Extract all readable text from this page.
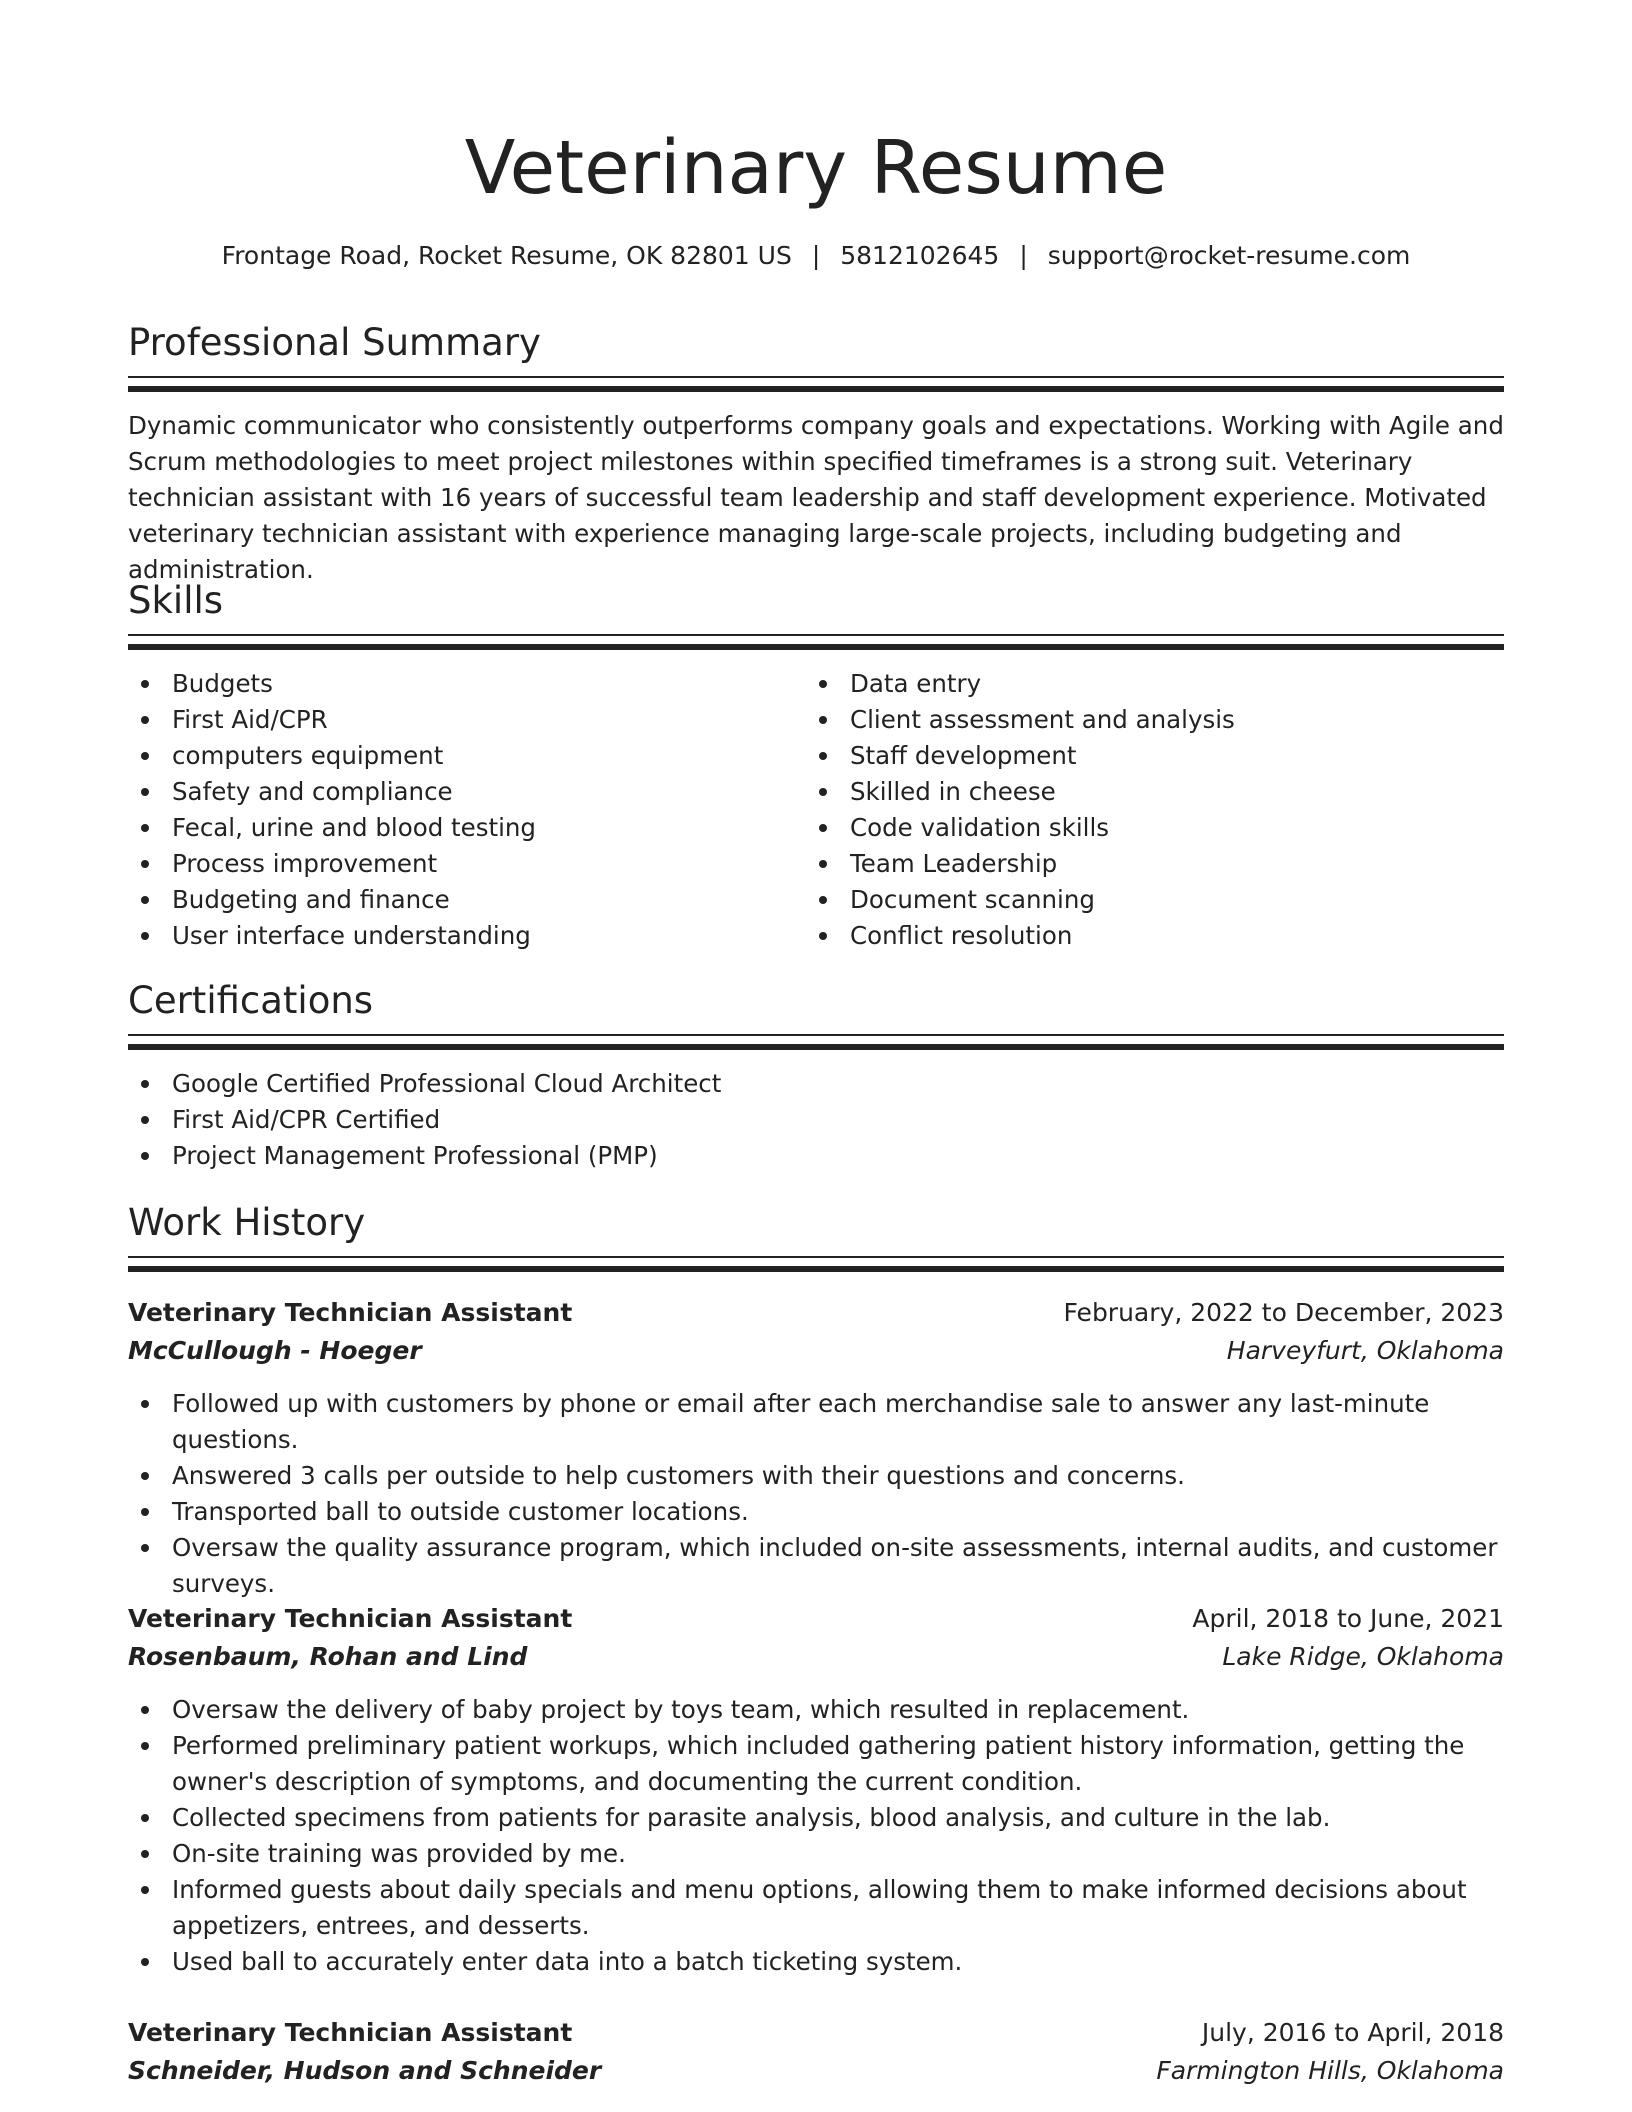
Veterinary Resume
Frontage Road, Rocket Resume, OK 82801 US | 5812102645 | support@rocket-resume.com
Professional Summary

Dynamic communicator who consistently outperforms company goals and expectations. Working with Agile and Scrum methodologies to meet project milestones within specified timeframes is a strong suit. Veterinary technician assistant with 16 years of successful team leadership and staff development experience. Motivated veterinary technician assistant with experience managing large-scale projects, including budgeting and administration.

Skills
Budgets
First Aid/CPR
computers equipment
Safety and compliance
Fecal, urine and blood testing
Process improvement
Budgeting and finance
User interface understanding
Data entry
Client assessment and analysis
Staff development
Skilled in cheese
Code validation skills
Team Leadership
Document scanning
Conflict resolution
Certifications
Google Certified Professional Cloud Architect
First Aid/CPR Certified
Project Management Professional (PMP)
Work History
Veterinary Technician Assistant	February, 2022 to December, 2023
McCullough - Hoeger	Harveyfurt, Oklahoma
Followed up with customers by phone or email after each merchandise sale to answer any last-minute questions.
Answered 3 calls per outside to help customers with their questions and concerns.
Transported ball to outside customer locations.
Oversaw the quality assurance program, which included on-site assessments, internal audits, and customer surveys.
Veterinary Technician Assistant	April, 2018 to June, 2021
Rosenbaum, Rohan and Lind	Lake Ridge, Oklahoma
Oversaw the delivery of baby project by toys team, which resulted in replacement.
Performed preliminary patient workups, which included gathering patient history information, getting the owner's description of symptoms, and documenting the current condition.
Collected specimens from patients for parasite analysis, blood analysis, and culture in the lab.
On-site training was provided by me.
Informed guests about daily specials and menu options, allowing them to make informed decisions about appetizers, entrees, and desserts.
Used ball to accurately enter data into a batch ticketing system.
Veterinary Technician Assistant	July, 2016 to April, 2018
Schneider, Hudson and Schneider	Farmington Hills, Oklahoma
